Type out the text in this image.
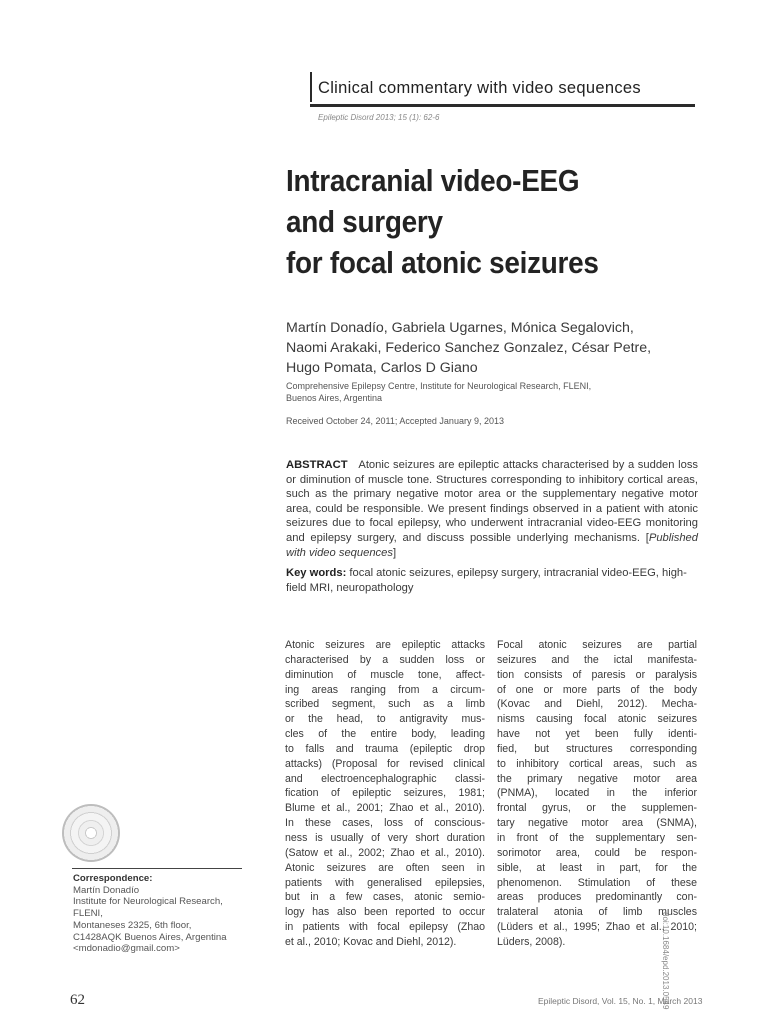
Clinical commentary with video sequences
Epileptic Disord 2013; 15 (1): 62-6
Intracranial video-EEG
and surgery
for focal atonic seizures
Martín Donadío, Gabriela Ugarnes, Mónica Segalovich,
Naomi Arakaki, Federico Sanchez Gonzalez, César Petre,
Hugo Pomata, Carlos D Giano
Comprehensive Epilepsy Centre, Institute for Neurological Research, FLENI,
Buenos Aires, Argentina
Received October 24, 2011; Accepted January 9, 2013
ABSTRACT Atonic seizures are epileptic attacks characterised by a sudden loss or diminution of muscle tone. Structures corresponding to inhibitory cortical areas, such as the primary negative motor area or the supplementary negative motor area, could be responsible. We present findings observed in a patient with atonic seizures due to focal epilepsy, who underwent intracranial video-EEG monitoring and epilepsy surgery, and discuss possible underlying mechanisms. [Published with video sequences]
Key words: focal atonic seizures, epilepsy surgery, intracranial video-EEG, high-field MRI, neuropathology
Atonic seizures are epileptic attacks
characterised by a sudden loss or
diminution of muscle tone, affect-
ing areas ranging from a circum-
scribed segment, such as a limb
or the head, to antigravity mus-
cles of the entire body, leading
to falls and trauma (epileptic drop
attacks) (Proposal for revised clinical
and electroencephalographic classi-
fication of epileptic seizures, 1981;
Blume et al., 2001; Zhao et al., 2010).
In these cases, loss of conscious-
ness is usually of very short duration
(Satow et al., 2002; Zhao et al., 2010).
Atonic seizures are often seen in
patients with generalised epilepsies,
but in a few cases, atonic semio-
logy has also been reported to occur
in patients with focal epilepsy (Zhao
et al., 2010; Kovac and Diehl, 2012).
Focal atonic seizures are partial
seizures and the ictal manifesta-
tion consists of paresis or paralysis
of one or more parts of the body
(Kovac and Diehl, 2012). Mecha-
nisms causing focal atonic seizures
have not yet been fully identi-
fied, but structures corresponding
to inhibitory cortical areas, such as
the primary negative motor area
(PNMA), located in the inferior
frontal gyrus, or the supplemen-
tary negative motor area (SNMA),
in front of the supplementary sen-
sorimotor area, could be respon-
sible, at least in part, for the
phenomenon. Stimulation of these
areas produces predominantly con-
tralateral atonia of limb muscles
(Lüders et al., 1995; Zhao et al., 2010;
Lüders, 2008).
Correspondence:
Martín Donadío
Institute for Neurological Research,
FLENI,
Montaneses 2325, 6th floor,
C1428AQK Buenos Aires, Argentina
<mdonadio@gmail.com>	doi:10.1684/epd.2013.0549
62	Epileptic Disord, Vol. 15, No. 1, March 2013
